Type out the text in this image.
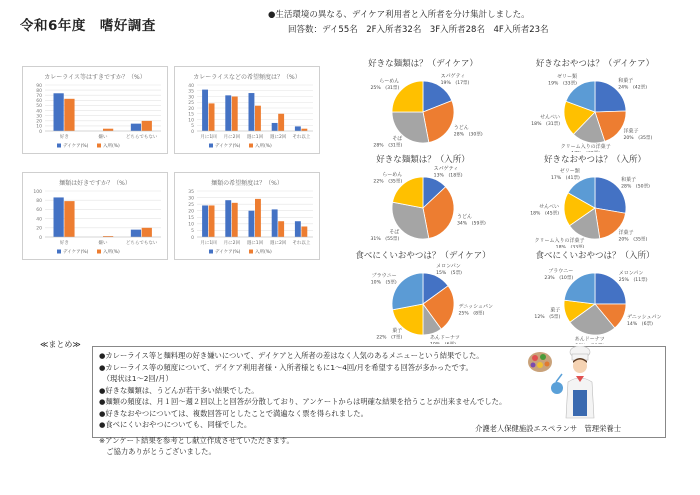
令和6年度　嗜好調査
●生活環境の異なる、デイケア利用者と入所者を分け集計しました。
回答数：デイ55名　2F入所者32名　3F入所者28名　4F入所者23名
カレーライス等はすきですか？（%）
0
10
20
30
40
50
60
70
80
90
好き	嫌い	どちらでもない
デイケア(%)	入所(%)
カレーライスなどの希望頻度は？（%）
0
5
10
15
20
25
30
35
40
月に1回 月に2回 週に1回 週に2回 それ以上
デイケア(%)	入所(%)
麺類は好きですか？（%）
0
20
40
60
80
100
好き	嫌い	どちらでもない
デイケア(%)	入所(%)
麺類の希望頻度は？（%）
0
5
10
15
20
25
30
35
月に1回 月に2回 週に1回 週に2回 それ以上
デイケア(%)	入所(%)
好きな麺類は？（デイケア）
スパゲティ
19%　(17票)
うどん
28%　(30票)
そば
28%　(31票)
らーめん
25%　(31票)
好きなおやつは？（デイケア）
和菓子
24%　(42票)
洋菓子
20%　(35票)
クリーム入りの洋菓子
せんべい
18%　(31票)
ゼリー類
19%　(33票)
好きな麺類は？（入所）
スパゲティ
13%　(18票)
うどん
34%　(59票)
そば
31%　(55票)
らーめん
22%　(35票)
好きなおやつは？（入所）
和菓子
28%　(50票)
洋菓子
20%　(35票)
クリーム入りの洋菓子
18%　(33票)
せんべい
18%　(45票)
ゼリー類
17%　(41票)
食べにくいおやつは？（デイケア）
メロンパン
15%　(5票)
デニッシュパン
25%　(8票)
あんドーナツ
菓子
22%　(7票)
ブラウニー
10%　(5票)
食べにくいおやつは？（入所）
メロンパン
25%　(11票)
デニッシュパン
14%　(6票)
あんドーナツ
菓子
12%　(5票)
ブラウニー
23%　(10票)
≪まとめ≫
●カレーライス等と麺料理の好き嫌いについて、デイケアと入所者の差はなく人気のあるメニューという結果でした。
●カレーライス等の頻度について、デイケア利用者様・入所者様ともに1～4回/月を希望する回答が多かったです。
　（現状は1～2回/月）
●好きな麺類は、うどんが若干多い結果でした。
●麺類の頻度は、月１回～週２回以上と回答が分散しており、アンケートからは明確な結果を拾うことが出来ませんでした。
●好きなおやつについては、複数回答可としたことで満遍なく票を得られました。
●食べにくいおやつについても、同様でした。
※アンケート結果を参考とし献立作成させていただきます。
　ご協力ありがとうございました。
介護老人保健施設エスペランサ　管理栄養士
